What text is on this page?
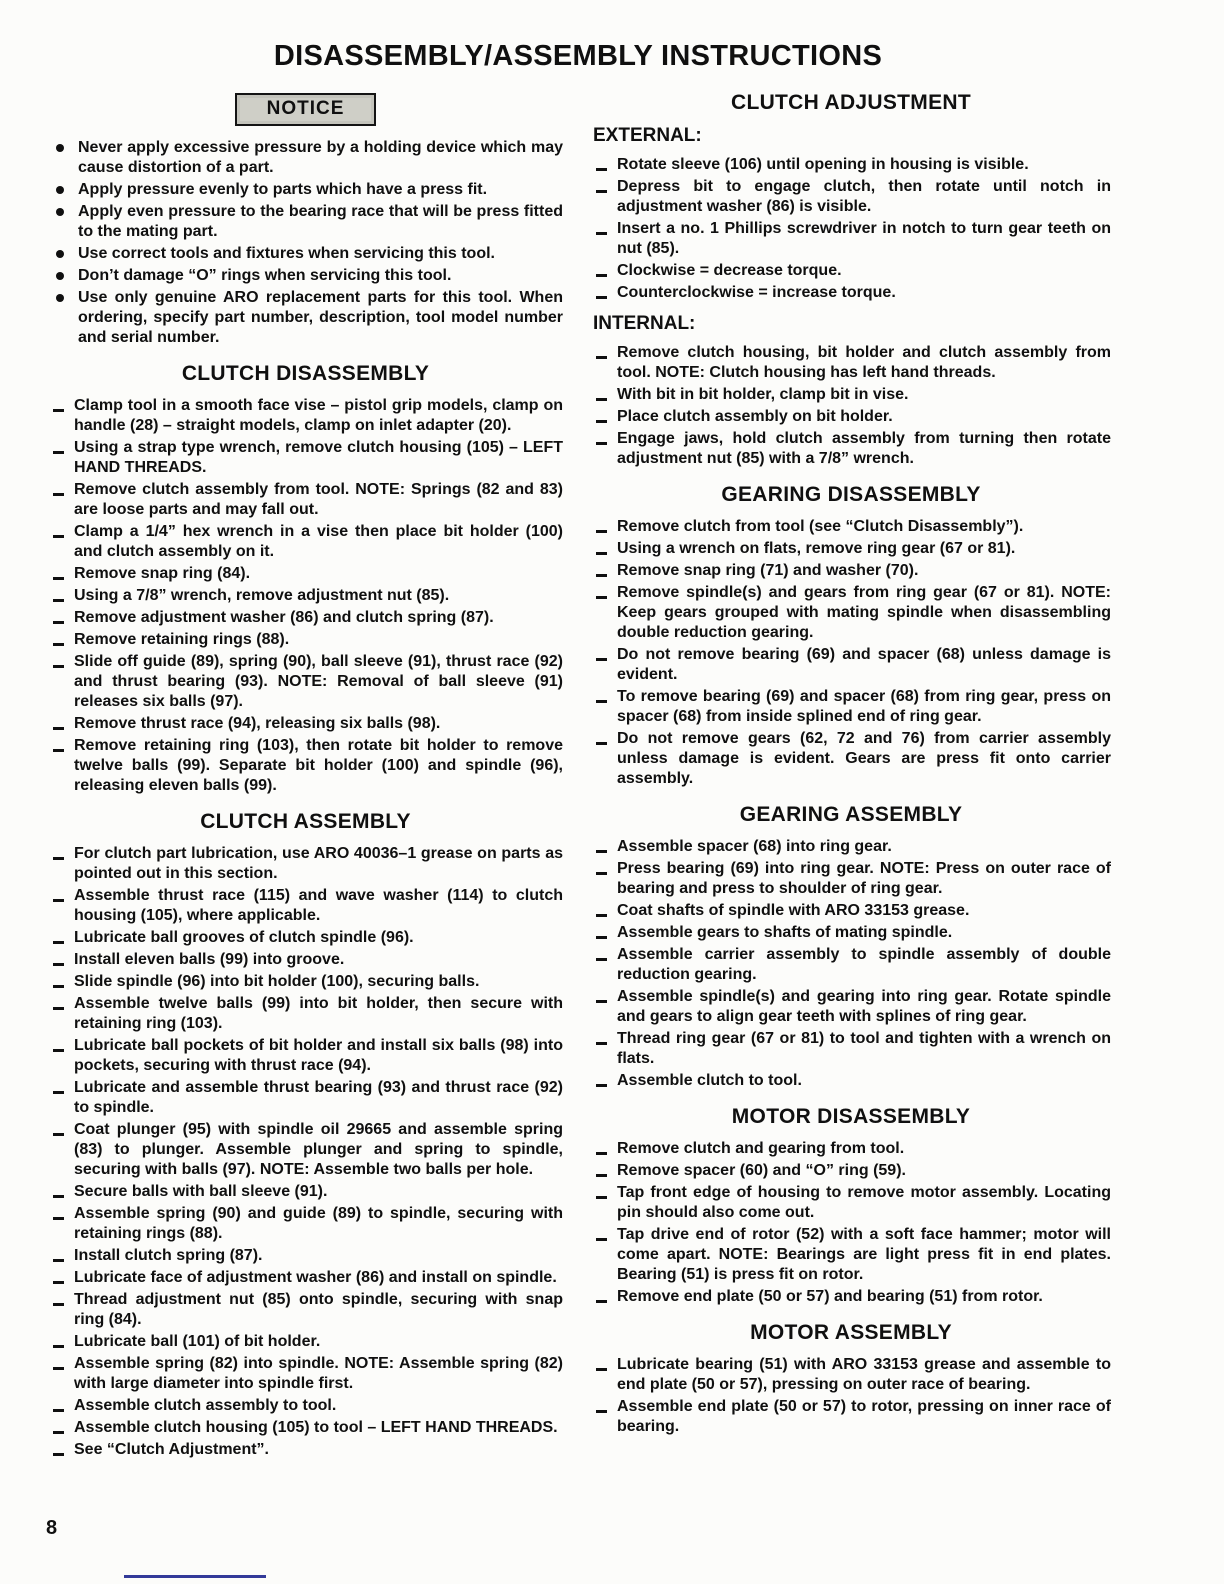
DISASSEMBLY/ASSEMBLY INSTRUCTIONS
NOTICE
Never apply excessive pressure by a holding device which may cause distortion of a part.
Apply pressure evenly to parts which have a press fit.
Apply even pressure to the bearing race that will be press fitted to the mating part.
Use correct tools and fixtures when servicing this tool.
Don’t damage “O” rings when servicing this tool.
Use only genuine ARO replacement parts for this tool. When ordering, specify part number, description, tool model number and serial number.
CLUTCH DISASSEMBLY
Clamp tool in a smooth face vise – pistol grip models, clamp on handle (28) – straight models, clamp on inlet adapter (20).
Using a strap type wrench, remove clutch housing (105) – LEFT HAND THREADS.
Remove clutch assembly from tool. NOTE: Springs (82 and 83) are loose parts and may fall out.
Clamp a 1/4” hex wrench in a vise then place bit holder (100) and clutch assembly on it.
Remove snap ring (84).
Using a 7/8” wrench, remove adjustment nut (85).
Remove adjustment washer (86) and clutch spring (87).
Remove retaining rings (88).
Slide off guide (89), spring (90), ball sleeve (91), thrust race (92) and thrust bearing (93). NOTE: Removal of ball sleeve (91) releases six balls (97).
Remove thrust race (94), releasing six balls (98).
Remove retaining ring (103), then rotate bit holder to remove twelve balls (99). Separate bit holder (100) and spindle (96), releasing eleven balls (99).
CLUTCH ASSEMBLY
For clutch part lubrication, use ARO 40036–1 grease on parts as pointed out in this section.
Assemble thrust race (115) and wave washer (114) to clutch housing (105), where applicable.
Lubricate ball grooves of clutch spindle (96).
Install eleven balls (99) into groove.
Slide spindle (96) into bit holder (100), securing balls.
Assemble twelve balls (99) into bit holder, then secure with retaining ring (103).
Lubricate ball pockets of bit holder and install six balls (98) into pockets, securing with thrust race (94).
Lubricate and assemble thrust bearing (93) and thrust race (92) to spindle.
Coat plunger (95) with spindle oil 29665 and assemble spring (83) to plunger. Assemble plunger and spring to spindle, securing with balls (97). NOTE: Assemble two balls per hole.
Secure balls with ball sleeve (91).
Assemble spring (90) and guide (89) to spindle, securing with retaining rings (88).
Install clutch spring (87).
Lubricate face of adjustment washer (86) and install on spindle.
Thread adjustment nut (85) onto spindle, securing with snap ring (84).
Lubricate ball (101) of bit holder.
Assemble spring (82) into spindle. NOTE: Assemble spring (82) with large diameter into spindle first.
Assemble clutch assembly to tool.
Assemble clutch housing (105) to tool – LEFT HAND THREADS.
See “Clutch Adjustment”.
CLUTCH ADJUSTMENT
EXTERNAL:
Rotate sleeve (106) until opening in housing is visible.
Depress bit to engage clutch, then rotate until notch in adjustment washer (86) is visible.
Insert a no. 1 Phillips screwdriver in notch to turn gear teeth on nut (85).
Clockwise = decrease torque.
Counterclockwise = increase torque.
INTERNAL:
Remove clutch housing, bit holder and clutch assembly from tool. NOTE: Clutch housing has left hand threads.
With bit in bit holder, clamp bit in vise.
Place clutch assembly on bit holder.
Engage jaws, hold clutch assembly from turning then rotate adjustment nut (85) with a 7/8” wrench.
GEARING DISASSEMBLY
Remove clutch from tool (see “Clutch Disassembly”).
Using a wrench on flats, remove ring gear (67 or 81).
Remove snap ring (71) and washer (70).
Remove spindle(s) and gears from ring gear (67 or 81). NOTE: Keep gears grouped with mating spindle when disassembling double reduction gearing.
Do not remove bearing (69) and spacer (68) unless damage is evident.
To remove bearing (69) and spacer (68) from ring gear, press on spacer (68) from inside splined end of ring gear.
Do not remove gears (62, 72 and 76) from carrier assembly unless damage is evident. Gears are press fit onto carrier assembly.
GEARING ASSEMBLY
Assemble spacer (68) into ring gear.
Press bearing (69) into ring gear. NOTE: Press on outer race of bearing and press to shoulder of ring gear.
Coat shafts of spindle with ARO 33153 grease.
Assemble gears to shafts of mating spindle.
Assemble carrier assembly to spindle assembly of double reduction gearing.
Assemble spindle(s) and gearing into ring gear. Rotate spindle and gears to align gear teeth with splines of ring gear.
Thread ring gear (67 or 81) to tool and tighten with a wrench on flats.
Assemble clutch to tool.
MOTOR DISASSEMBLY
Remove clutch and gearing from tool.
Remove spacer (60) and “O” ring (59).
Tap front edge of housing to remove motor assembly. Locating pin should also come out.
Tap drive end of rotor (52) with a soft face hammer; motor will come apart. NOTE: Bearings are light press fit in end plates. Bearing (51) is press fit on rotor.
Remove end plate (50 or 57) and bearing (51) from rotor.
MOTOR ASSEMBLY
Lubricate bearing (51) with ARO 33153 grease and assemble to end plate (50 or 57), pressing on outer race of bearing.
Assemble end plate (50 or 57) to rotor, pressing on inner race of bearing.
8
